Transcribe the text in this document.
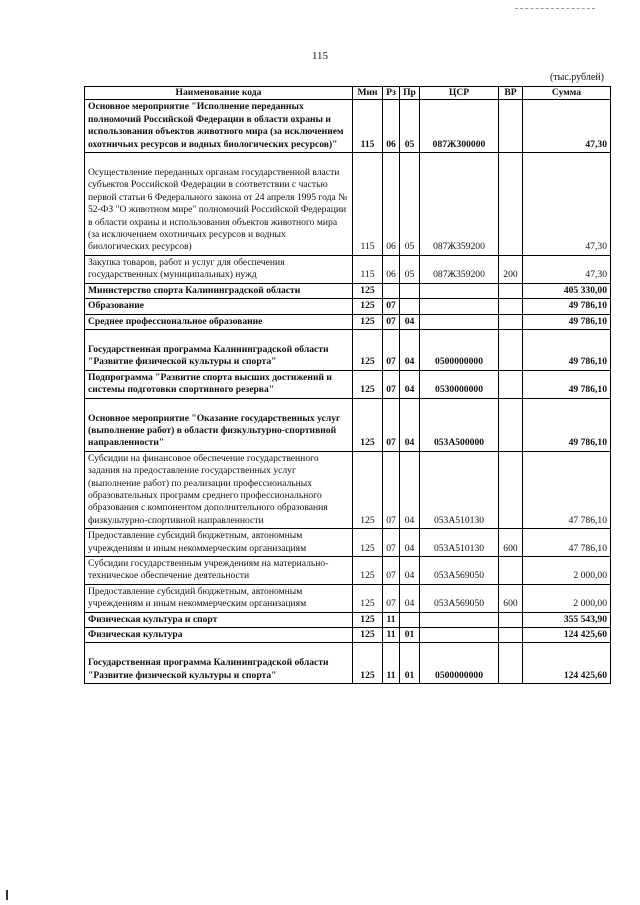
115
(тыс.рублей)
Наименование кода	Мин	Рз	Пр	ЦСР	ВР	Сумма
Основное мероприятие "Исполнение переданных полномочий Российской Федерации в области охраны и использования объектов животного мира (за исключением охотничьих ресурсов и водных биологических ресурсов)"	115	06	05	087Ж300000		47,30
Осуществление переданных органам государственной власти субъектов Российской Федерации в соответствии с частью первой статьи 6 Федерального закона от 24 апреля 1995 года № 52-ФЗ "О животном мире" полномочий Российской Федерации в области охраны и использования объектов животного мира (за исключением охотничьих ресурсов и водных биологических ресурсов)	115	06	05	087Ж359200		47,30
Закупка товаров, работ и услуг для обеспечения государственных (муниципальных) нужд	115	06	05	087Ж359200	200	47,30
Министерство спорта Калининградской области	125					405 330,00
Образование	125	07				49 786,10
Среднее профессиональное образование	125	07	04			49 786,10
Государственная программа Калининградской области "Развитие физической культуры и спорта"	125	07	04	0500000000		49 786,10
Подпрограмма "Развитие спорта высших достижений и системы подготовки спортивного резерва"	125	07	04	0530000000		49 786,10
Основное мероприятие "Оказание государственных услуг (выполнение работ) в области физкультурно-спортивной направленности"	125	07	04	053А500000		49 786,10
Субсидии на финансовое обеспечение государственного задания на предоставление государственных услуг (выполнение работ) по реализации профессиональных образовательных программ среднего профессионального образования с компонентом дополнительного образования физкультурно-спортивной направленности	125	07	04	053А510130		47 786,10
Предоставление субсидий бюджетным, автономным учреждениям и иным некоммерческим организациям	125	07	04	053А510130	600	47 786,10
Субсидии государственным учреждениям на материально-техническое обеспечение деятельности	125	07	04	053А569050		2 000,00
Предоставление субсидий бюджетным, автономным учреждениям и иным некоммерческим организациям	125	07	04	053А569050	600	2 000,00
Физическая культура и спорт	125	11				355 543,90
Физическая культура	125	11	01			124 425,60
Государственная программа Калининградской области "Развитие физической культуры и спорта"	125	11	01	0500000000		124 425,60
